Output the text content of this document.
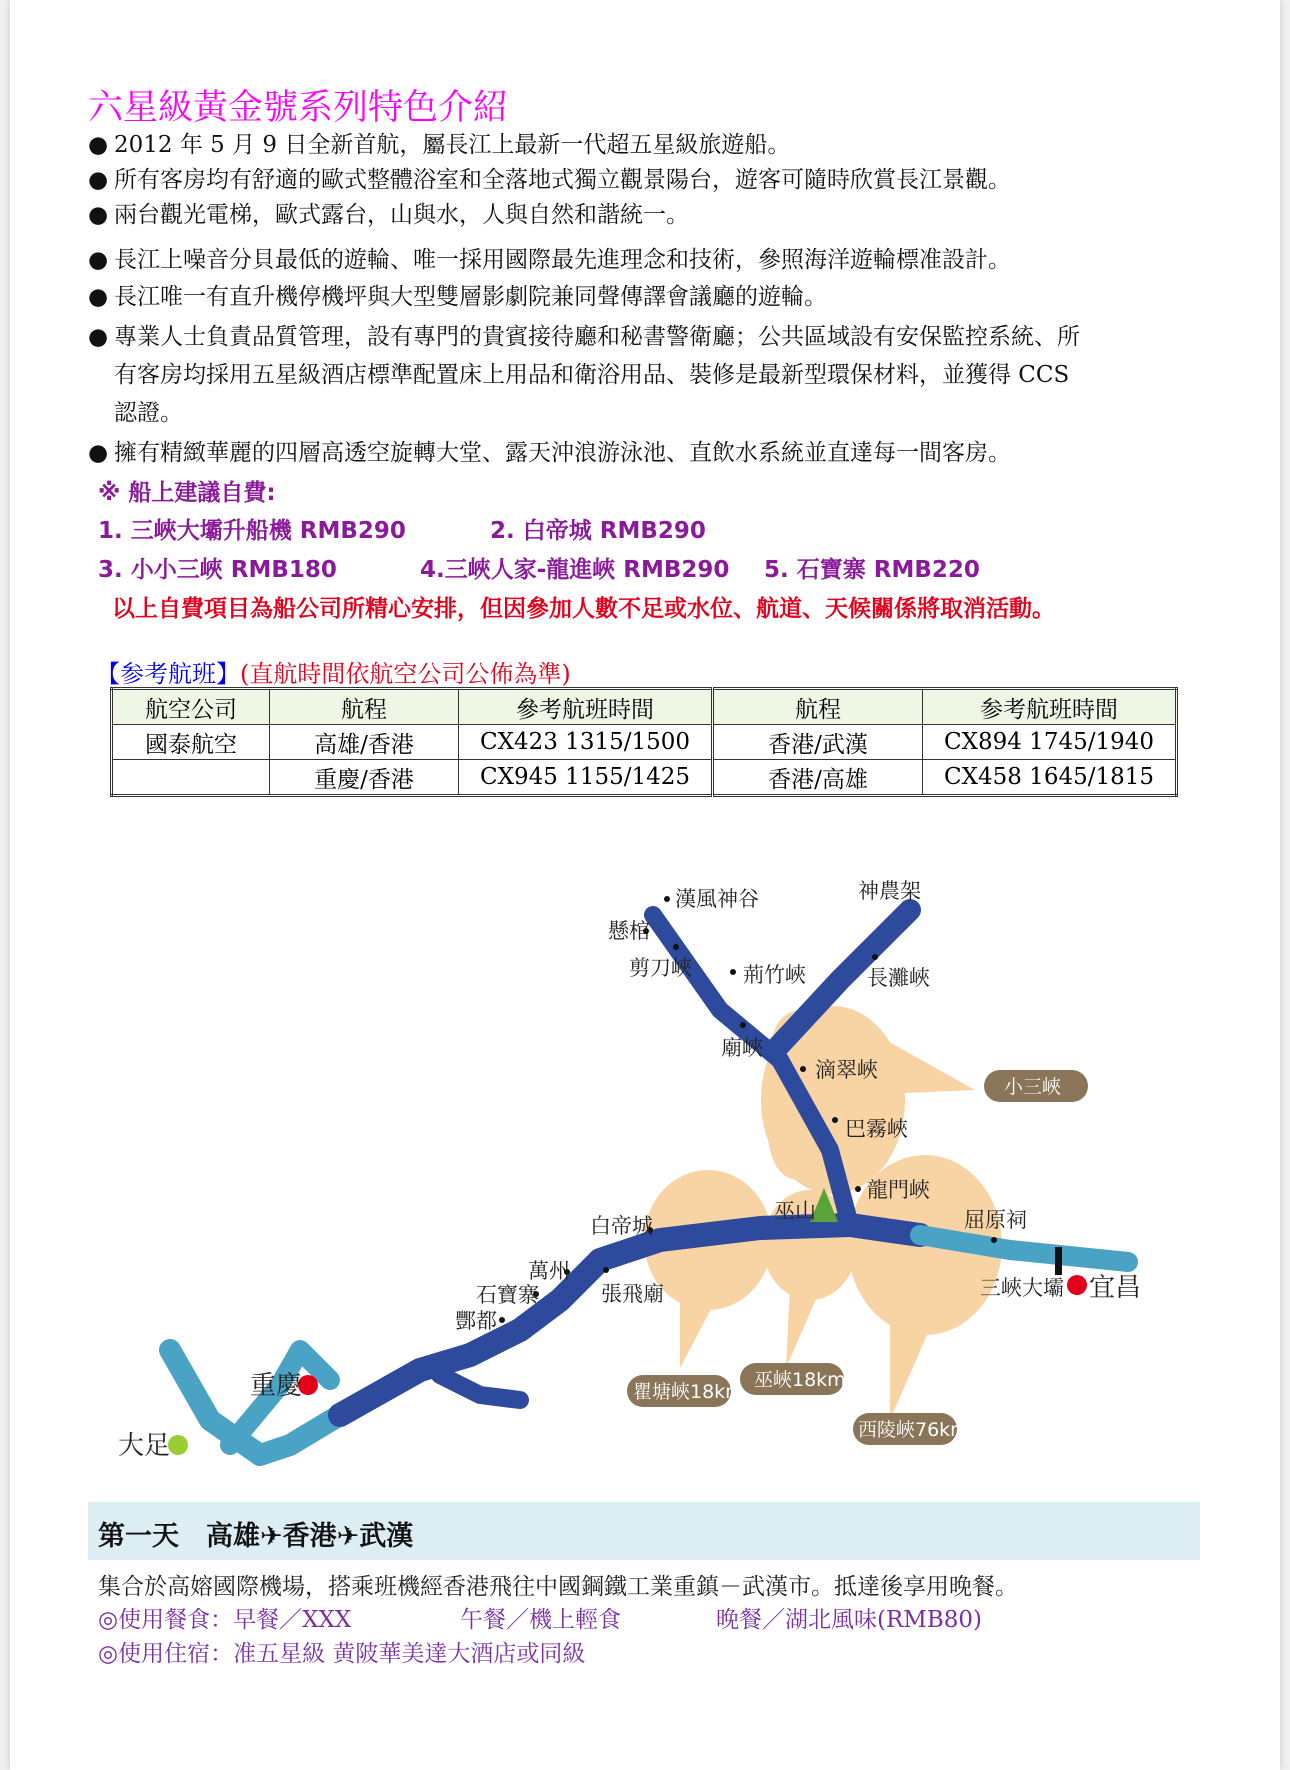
六星級黃金號系列特色介紹
● 2012 年 5 月 9 日全新首航，屬長江上最新一代超五星級旅遊船。
● 所有客房均有舒適的歐式整體浴室和全落地式獨立觀景陽台，遊客可隨時欣賞長江景觀。
● 兩台觀光電梯，歐式露台，山與水，人與自然和諧統一。
● 長江上噪音分貝最低的遊輪、唯一採用國際最先進理念和技術，參照海洋遊輪標准設計。
● 長江唯一有直升機停機坪與大型雙層影劇院兼同聲傳譯會議廳的遊輪。
● 專業人士負責品質管理，設有專門的貴賓接待廳和秘書警衛廳；公共區域設有安保監控系統、所
有客房均採用五星級酒店標準配置床上用品和衛浴用品、裝修是最新型環保材料，並獲得 CCS
認證。
● 擁有精緻華麗的四層高透空旋轉大堂、露天沖浪游泳池、直飲水系統並直達每一間客房。
※ 船上建議自費:
1. 三峽大壩升船機 RMB290	2. 白帝城 RMB290
3. 小小三峽 RMB180	4.三峽人家-龍進峽 RMB290 5. 石寶寨 RMB220
以上自費項目為船公司所精心安排，但因參加人數不足或水位、航道、天候關係將取消活動。
【参考航班】(直航時間依航空公司公佈為準)
航空公司	航程	參考航班時間	航程	参考航班時間
國泰航空	高雄/香港	CX423 1315/1500	香港/武漢	CX894 1745/1940
	重慶/香港	CX945 1155/1425	香港/高雄	CX458 1645/1815
漢風神谷	神農架
懸棺
剪刀峽 荊竹峽	長灘峽
廟峽
滴翠峽
巴霧峽
龍門峽
巫山	屈原祠
白帝城
萬州
石寶寨	張飛廟
酆都
三峽大壩 宜昌
重慶
大足
小三峽
瞿塘峽18km
巫峽18km
西陵峽76km
第一天　高雄✈香港✈武漢
集合於高嫆國際機場，搭乘班機經香港飛往中國鋼鐵工業重鎮－武漢市。抵達後享用晚餐。
◎使用餐食：早餐／XXX	午餐／機上輕食	晚餐／湖北風味(RMB80)
◎使用住宿：准五星級 黄陂華美達大酒店或同級
